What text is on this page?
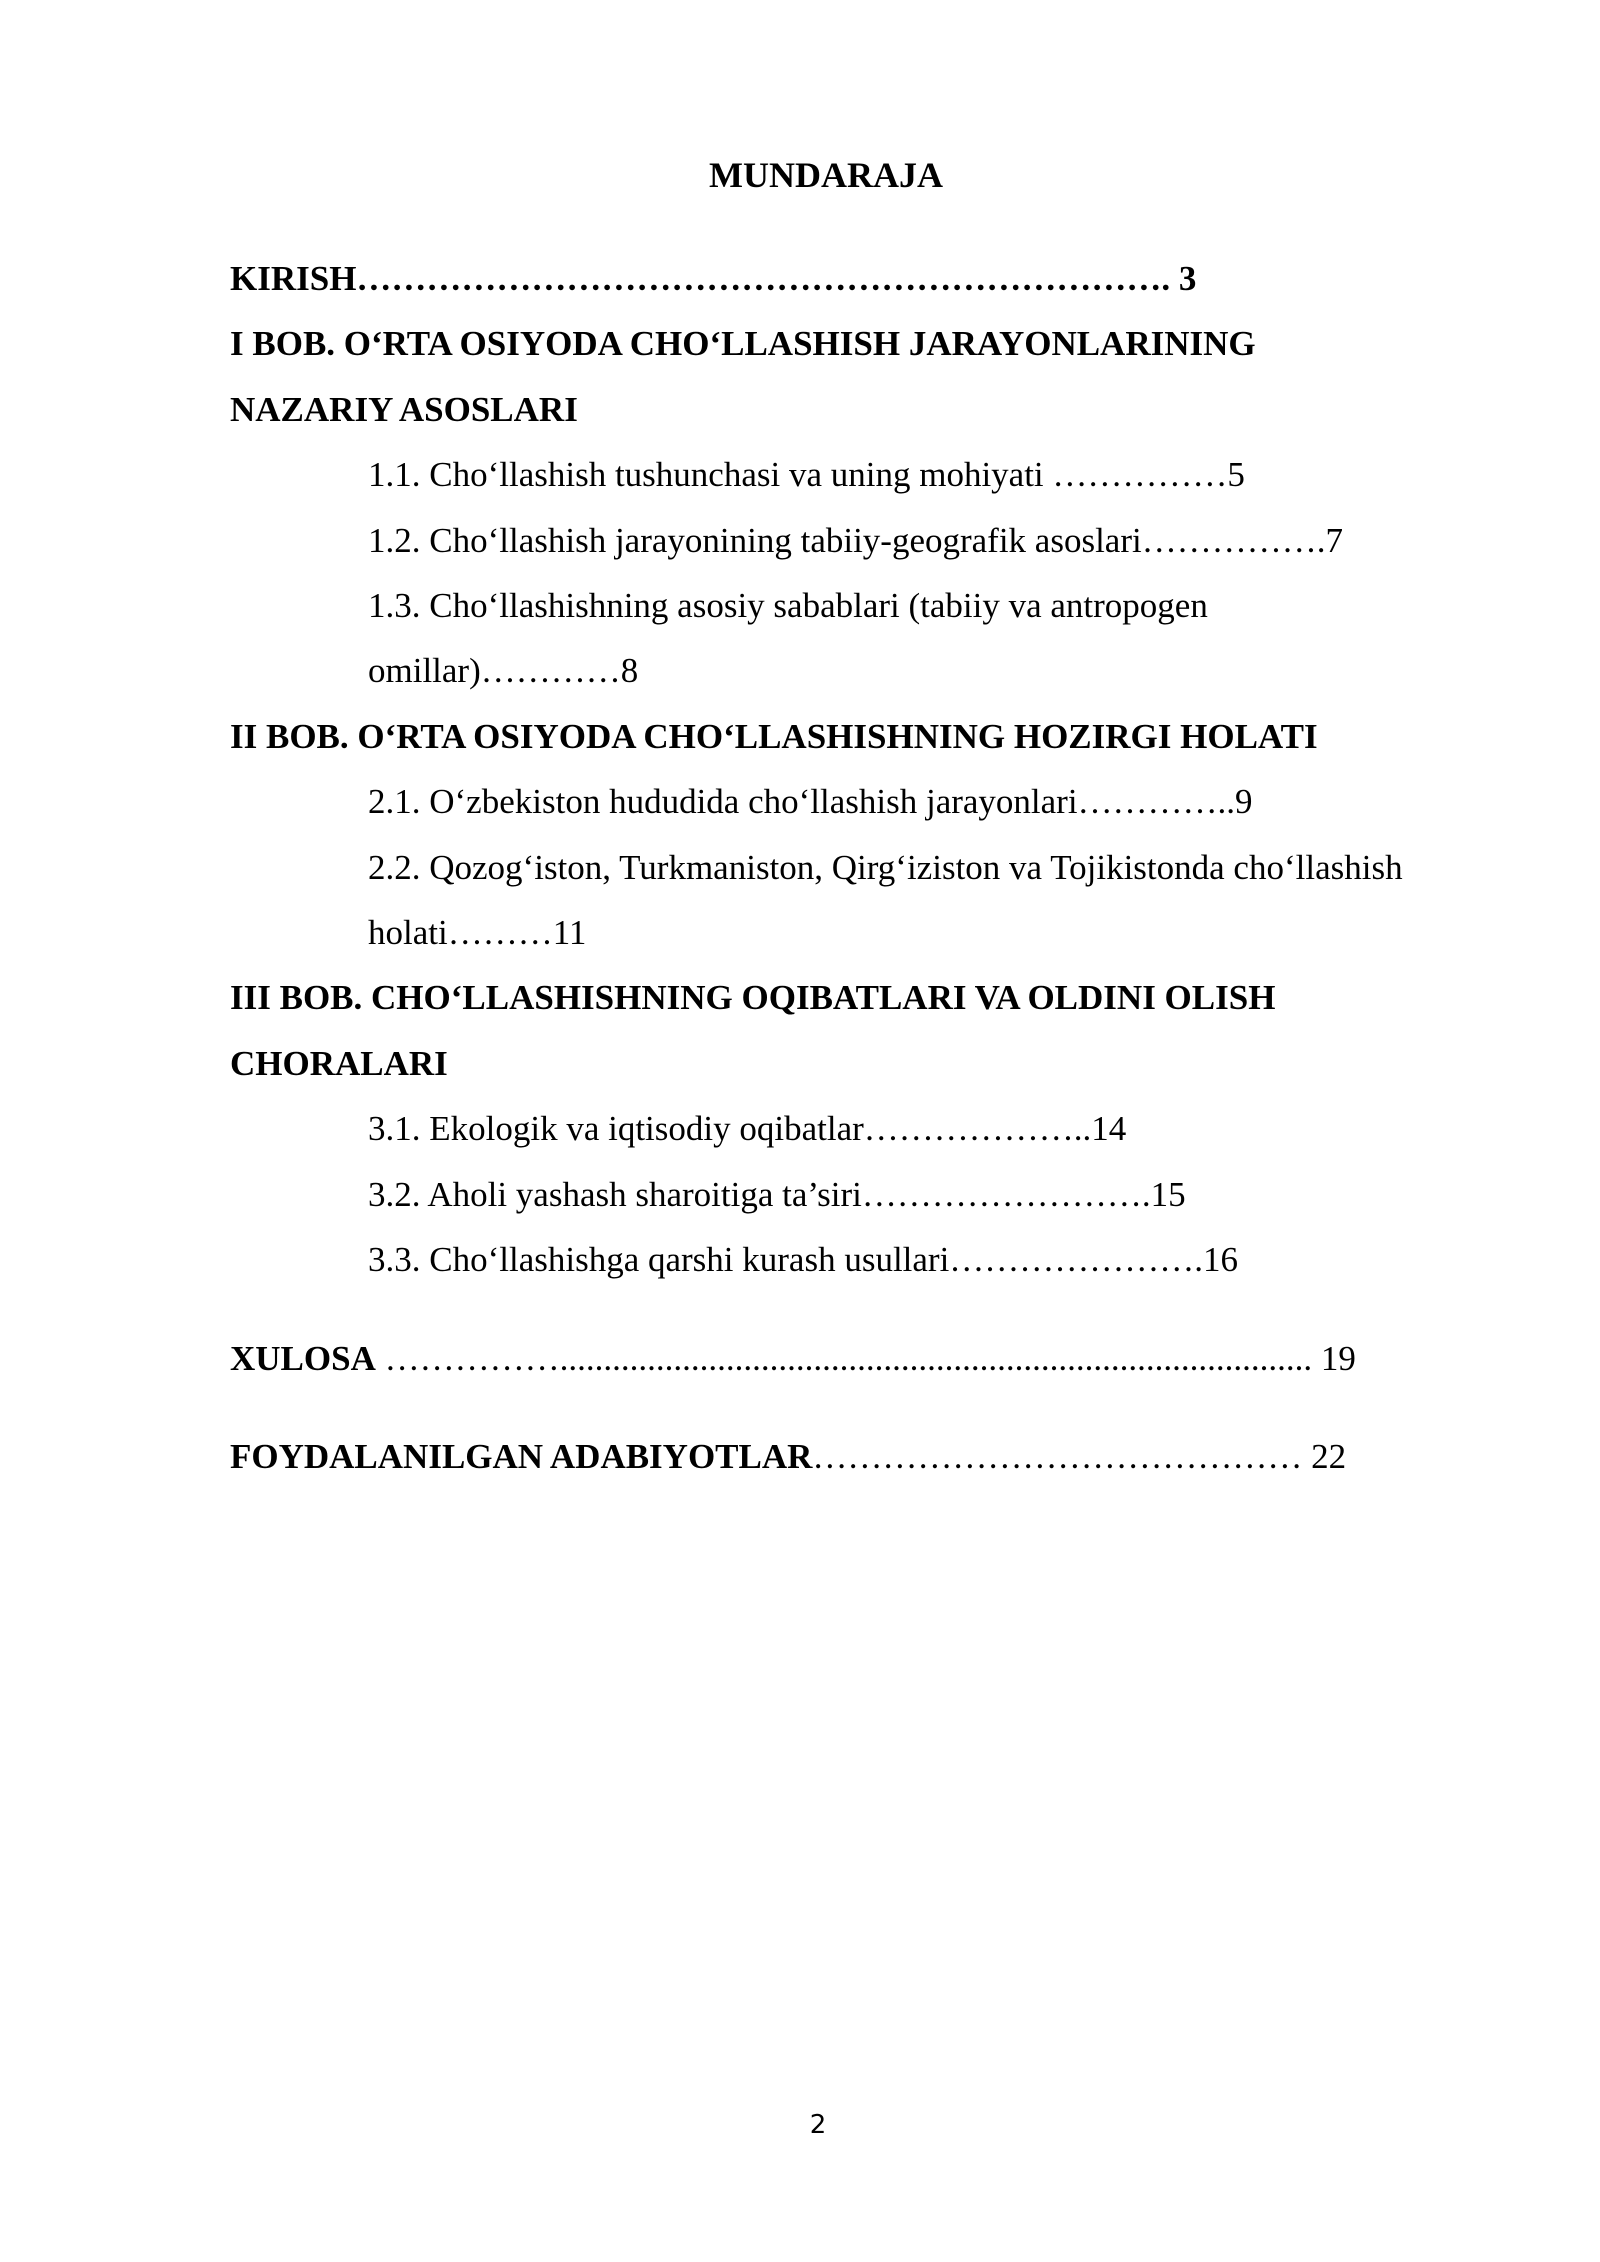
MUNDARAJA
KIRISH……………………………………………………………. 3
I BOB. O‘RTA OSIYODA CHO‘LLASHISH JARAYONLARINING
NAZARIY ASOSLARI
1.1. Cho‘llashish tushunchasi va uning mohiyati ……………5
1.2. Cho‘llashish jarayonining tabiiy-geografik asoslari…………….7
1.3. Cho‘llashishning asosiy sabablari (tabiiy va antropogen
omillar)…………8
II BOB. O‘RTA OSIYODA CHO‘LLASHISHNING HOZIRGI HOLATI
2.1. O‘zbekiston hududida cho‘llashish jarayonlari…………..9
2.2. Qozog‘iston, Turkmaniston, Qirg‘iziston va Tojikistonda cho‘llashish
holati………11
III BOB. CHO‘LLASHISHNING OQIBATLARI VA OLDINI OLISH
CHORALARI
3.1. Ekologik va iqtisodiy oqibatlar………………..14
3.2. Aholi yashash sharoitiga ta’siri…………………….15
3.3. Cho‘llashishga qarshi kurash usullari………………….16
XULOSA ……………...................................................................................... 19
FOYDALANILGAN ADABIYOTLAR…………………………………… 22
2
